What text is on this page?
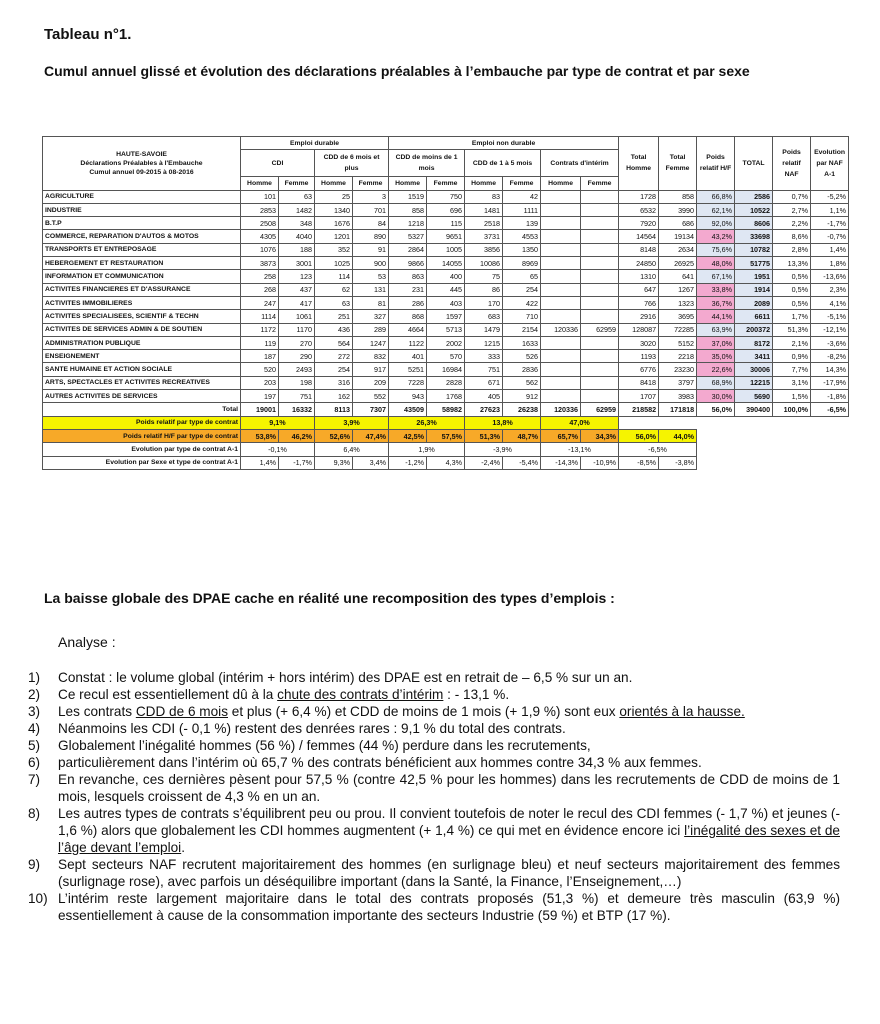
Tableau n°1.
Cumul annuel glissé et évolution des déclarations préalables à l’embauche par type de contrat et par sexe
HAUTE-SAVOIE
Déclarations Préalables à l'Embauche
Cumul annuel 09-2015 à 08-2016	Emploi durable				Emploi non durable						Total Homme	Total Femme	Poids relatif H/F	TOTAL	Poids relatif NAF	Evolution par NAF A-1
	CDI		CDD de 6 mois et plus		CDD de moins de 1 mois		CDD de 1 à 5 mois		Contrats d'intérim							
	Homme	Femme	Homme	Femme	Homme	Femme	Homme	Femme	Homme	Femme						
AGRICULTURE	101	63	25	3	1519	750	83	42			1728	858	66,8%	2586	0,7%	-5,2%
INDUSTRIE	2853	1482	1340	701	858	696	1481	1111			6532	3990	62,1%	10522	2,7%	1,1%
B.T.P	2508	348	1676	84	1218	115	2518	139			7920	686	92,0%	8606	2,2%	-1,7%
COMMERCE, REPARATION D'AUTOS & MOTOS	4305	4040	1201	890	5327	9651	3731	4553			14564	19134	43,2%	33698	8,6%	-0,7%
TRANSPORTS ET ENTREPOSAGE	1076	188	352	91	2864	1005	3856	1350			8148	2634	75,6%	10782	2,8%	1,4%
HEBERGEMENT ET RESTAURATION	3873	3001	1025	900	9866	14055	10086	8969			24850	26925	48,0%	51775	13,3%	1,8%
INFORMATION ET COMMUNICATION	258	123	114	53	863	400	75	65			1310	641	67,1%	1951	0,5%	-13,6%
ACTIVITES FINANCIERES ET D'ASSURANCE	268	437	62	131	231	445	86	254			647	1267	33,8%	1914	0,5%	2,3%
ACTIVITES IMMOBILIERES	247	417	63	81	286	403	170	422			766	1323	36,7%	2089	0,5%	4,1%
ACTIVITES SPECIALISEES, SCIENTIF & TECHN	1114	1061	251	327	868	1597	683	710			2916	3695	44,1%	6611	1,7%	-5,1%
ACTIVITES DE SERVICES ADMIN & DE SOUTIEN	1172	1170	436	289	4664	5713	1479	2154	120336	62959	128087	72285	63,9%	200372	51,3%	-12,1%
ADMINISTRATION PUBLIQUE	119	270	564	1247	1122	2002	1215	1633			3020	5152	37,0%	8172	2,1%	-3,6%
ENSEIGNEMENT	187	290	272	832	401	570	333	526			1193	2218	35,0%	3411	0,9%	-8,2%
SANTE HUMAINE ET ACTION SOCIALE	520	2493	254	917	5251	16984	751	2836			6776	23230	22,6%	30006	7,7%	14,3%
ARTS, SPECTACLES ET ACTIVITES RECREATIVES	203	198	316	209	7228	2828	671	562			8418	3797	68,9%	12215	3,1%	-17,9%
AUTRES ACTIVITES DE SERVICES	197	751	162	552	943	1768	405	912			1707	3983	30,0%	5690	1,5%	-1,8%
Total	19001	16332	8113	7307	43509	58982	27623	26238	120336	62959	218582	171818	56,0%	390400	100,0%	-6,5%
Poids relatif par type de contrat	9,1%		3,9%		26,3%		13,8%		47,0%							
Poids relatif H/F par type de contrat	53,8%	46,2%	52,6%	47,4%	42,5%	57,5%	51,3%	48,7%	65,7%	34,3%	56,0%	44,0%				
Evolution par type de contrat A-1	-0,1%		6,4%		1,9%		-3,9%		-13,1%		-6,5%					
Evolution par Sexe et type de contrat A-1	1,4%	-1,7%	9,3%	3,4%	-1,2%	4,3%	-2,4%	-5,4%	-14,3%	-10,9%	-8,5%	-3,8%				
La baisse globale des DPAE cache en réalité une recomposition des types d’emplois :
Analyse :
1) Constat : le volume global (intérim + hors intérim) des DPAE est en retrait de – 6,5 % sur un an.
2) Ce recul est essentiellement dû à la chute des contrats d’intérim : - 13,1 %.
3) Les contrats CDD de 6 mois et plus (+ 6,4 %) et CDD de moins de 1 mois (+ 1,9 %) sont eux orientés à la hausse.
4) Néanmoins les CDI (- 0,1 %) restent des denrées rares : 9,1 % du total des contrats.
5) Globalement l’inégalité hommes (56 %) / femmes (44 %) perdure dans les recrutements,
6) particulièrement dans l’intérim où 65,7 % des contrats bénéficient aux hommes contre 34,3 % aux femmes.
7) En revanche, ces dernières pèsent pour 57,5 % (contre 42,5 % pour les hommes) dans les recrutements de CDD de moins de 1 mois, lesquels croissent de 4,3 % en un an.
8) Les autres types de contrats s’équilibrent peu ou prou. Il convient toutefois de noter le recul des CDI femmes (- 1,7 %) et jeunes (- 1,6 %) alors que globalement les CDI hommes augmentent (+ 1,4 %) ce qui met en évidence encore ici l’inégalité des sexes et de l’âge devant l’emploi.
9) Sept secteurs NAF recrutent majoritairement des hommes (en surlignage bleu) et neuf secteurs majoritairement des femmes (surlignage rose), avec parfois un déséquilibre important (dans la Santé, la Finance, l’Enseignement,…)
10) L’intérim reste largement majoritaire dans le total des contrats proposés (51,3 %) et demeure très masculin (63,9 %) essentiellement à cause de la consommation importante des secteurs Industrie (59 %) et BTP (17 %).
